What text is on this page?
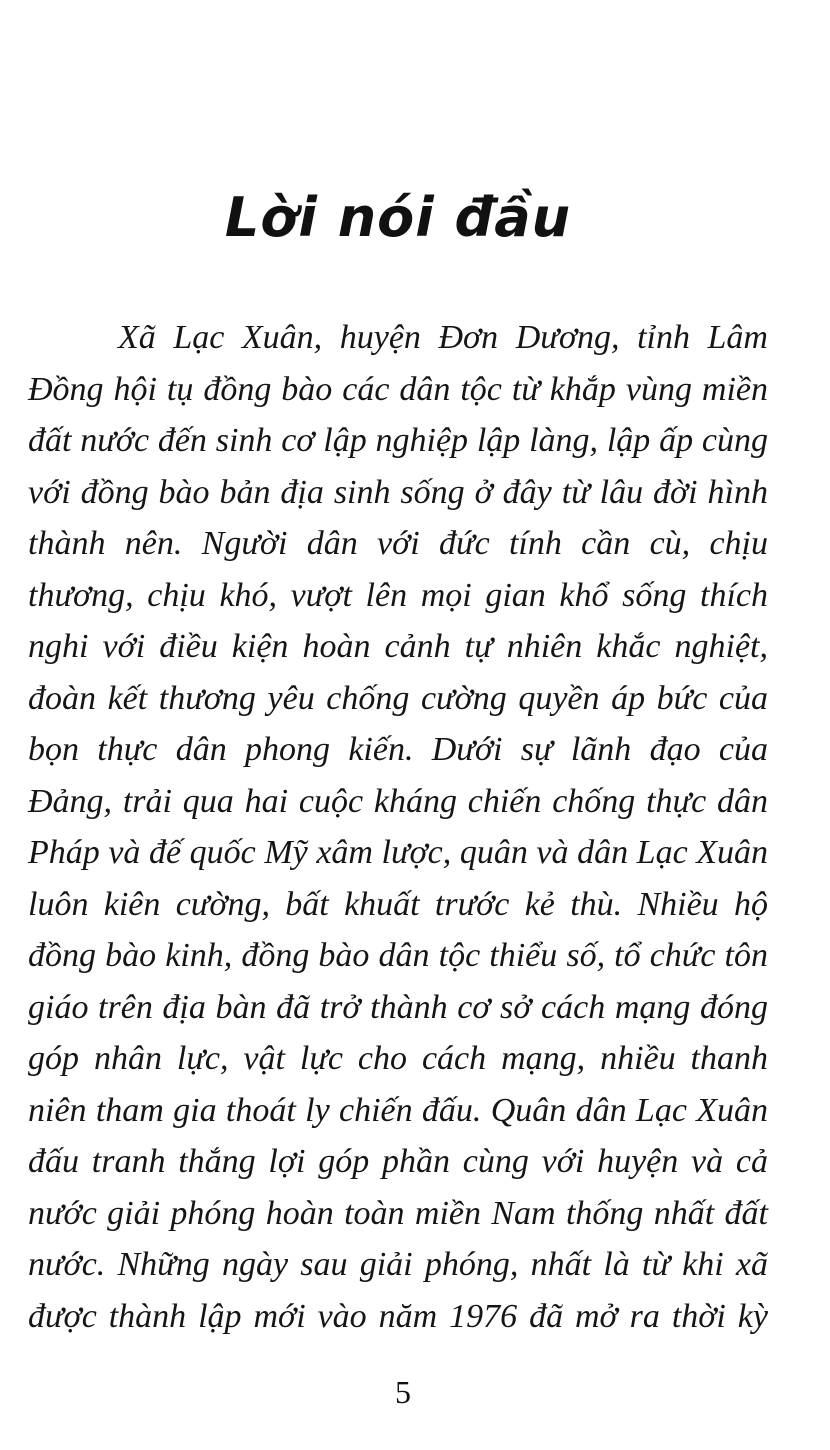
Lời nói đầu
Xã Lạc Xuân, huyện Đơn Dương, tỉnh Lâm
Đồng hội tụ đồng bào các dân tộc từ khắp vùng miền
đất nước đến sinh cơ lập nghiệp lập làng, lập ấp cùng
với đồng bào bản địa sinh sống ở đây từ lâu đời hình
thành nên. Người dân với đức tính cần cù, chịu
thương, chịu khó, vượt lên mọi gian khổ sống thích
nghi với điều kiện hoàn cảnh tự nhiên khắc nghiệt,
đoàn kết thương yêu chống cường quyền áp bức của
bọn thực dân phong kiến. Dưới sự lãnh đạo của
Đảng, trải qua hai cuộc kháng chiến chống thực dân
Pháp và đế quốc Mỹ xâm lược, quân và dân Lạc Xuân
luôn kiên cường, bất khuất trước kẻ thù. Nhiều hộ
đồng bào kinh, đồng bào dân tộc thiểu số, tổ chức tôn
giáo trên địa bàn đã trở thành cơ sở cách mạng đóng
góp nhân lực, vật lực cho cách mạng, nhiều thanh
niên tham gia thoát ly chiến đấu. Quân dân Lạc Xuân
đấu tranh thắng lợi góp phần cùng với huyện và cả
nước giải phóng hoàn toàn miền Nam thống nhất đất
nước. Những ngày sau giải phóng, nhất là từ khi xã
được thành lập mới vào năm 1976 đã mở ra thời kỳ
5
